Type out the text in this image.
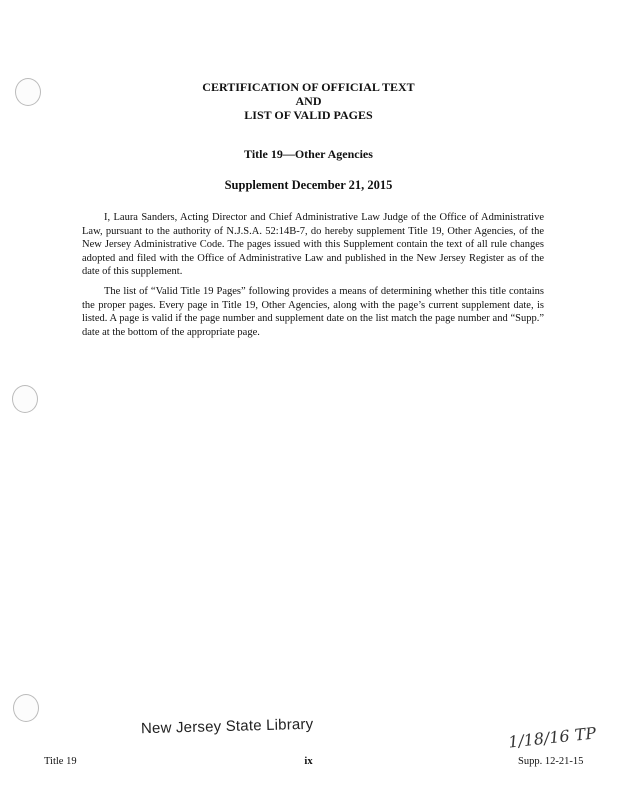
CERTIFICATION OF OFFICIAL TEXT
AND
LIST OF VALID PAGES
Title 19—Other Agencies
Supplement December 21, 2015

I, Laura Sanders, Acting Director and Chief Administrative Law Judge of the Office of Administrative Law, pursuant to the authority of N.J.S.A. 52:14B-7, do hereby supplement Title 19, Other Agencies, of the New Jersey Administrative Code. The pages issued with this Supplement contain the text of all rule changes adopted and filed with the Office of Administrative Law and published in the New Jersey Register as of the date of this supplement.

The list of “Valid Title 19 Pages” following provides a means of determining whether this title contains the proper pages. Every page in Title 19, Other Agencies, along with the page’s current supplement date, is listed. A page is valid if the page number and supplement date on the list match the page number and “Supp.” date at the bottom of the appropriate page.

New Jersey State Library	1/18/16 TP
Title 19	ix	Supp. 12-21-15
